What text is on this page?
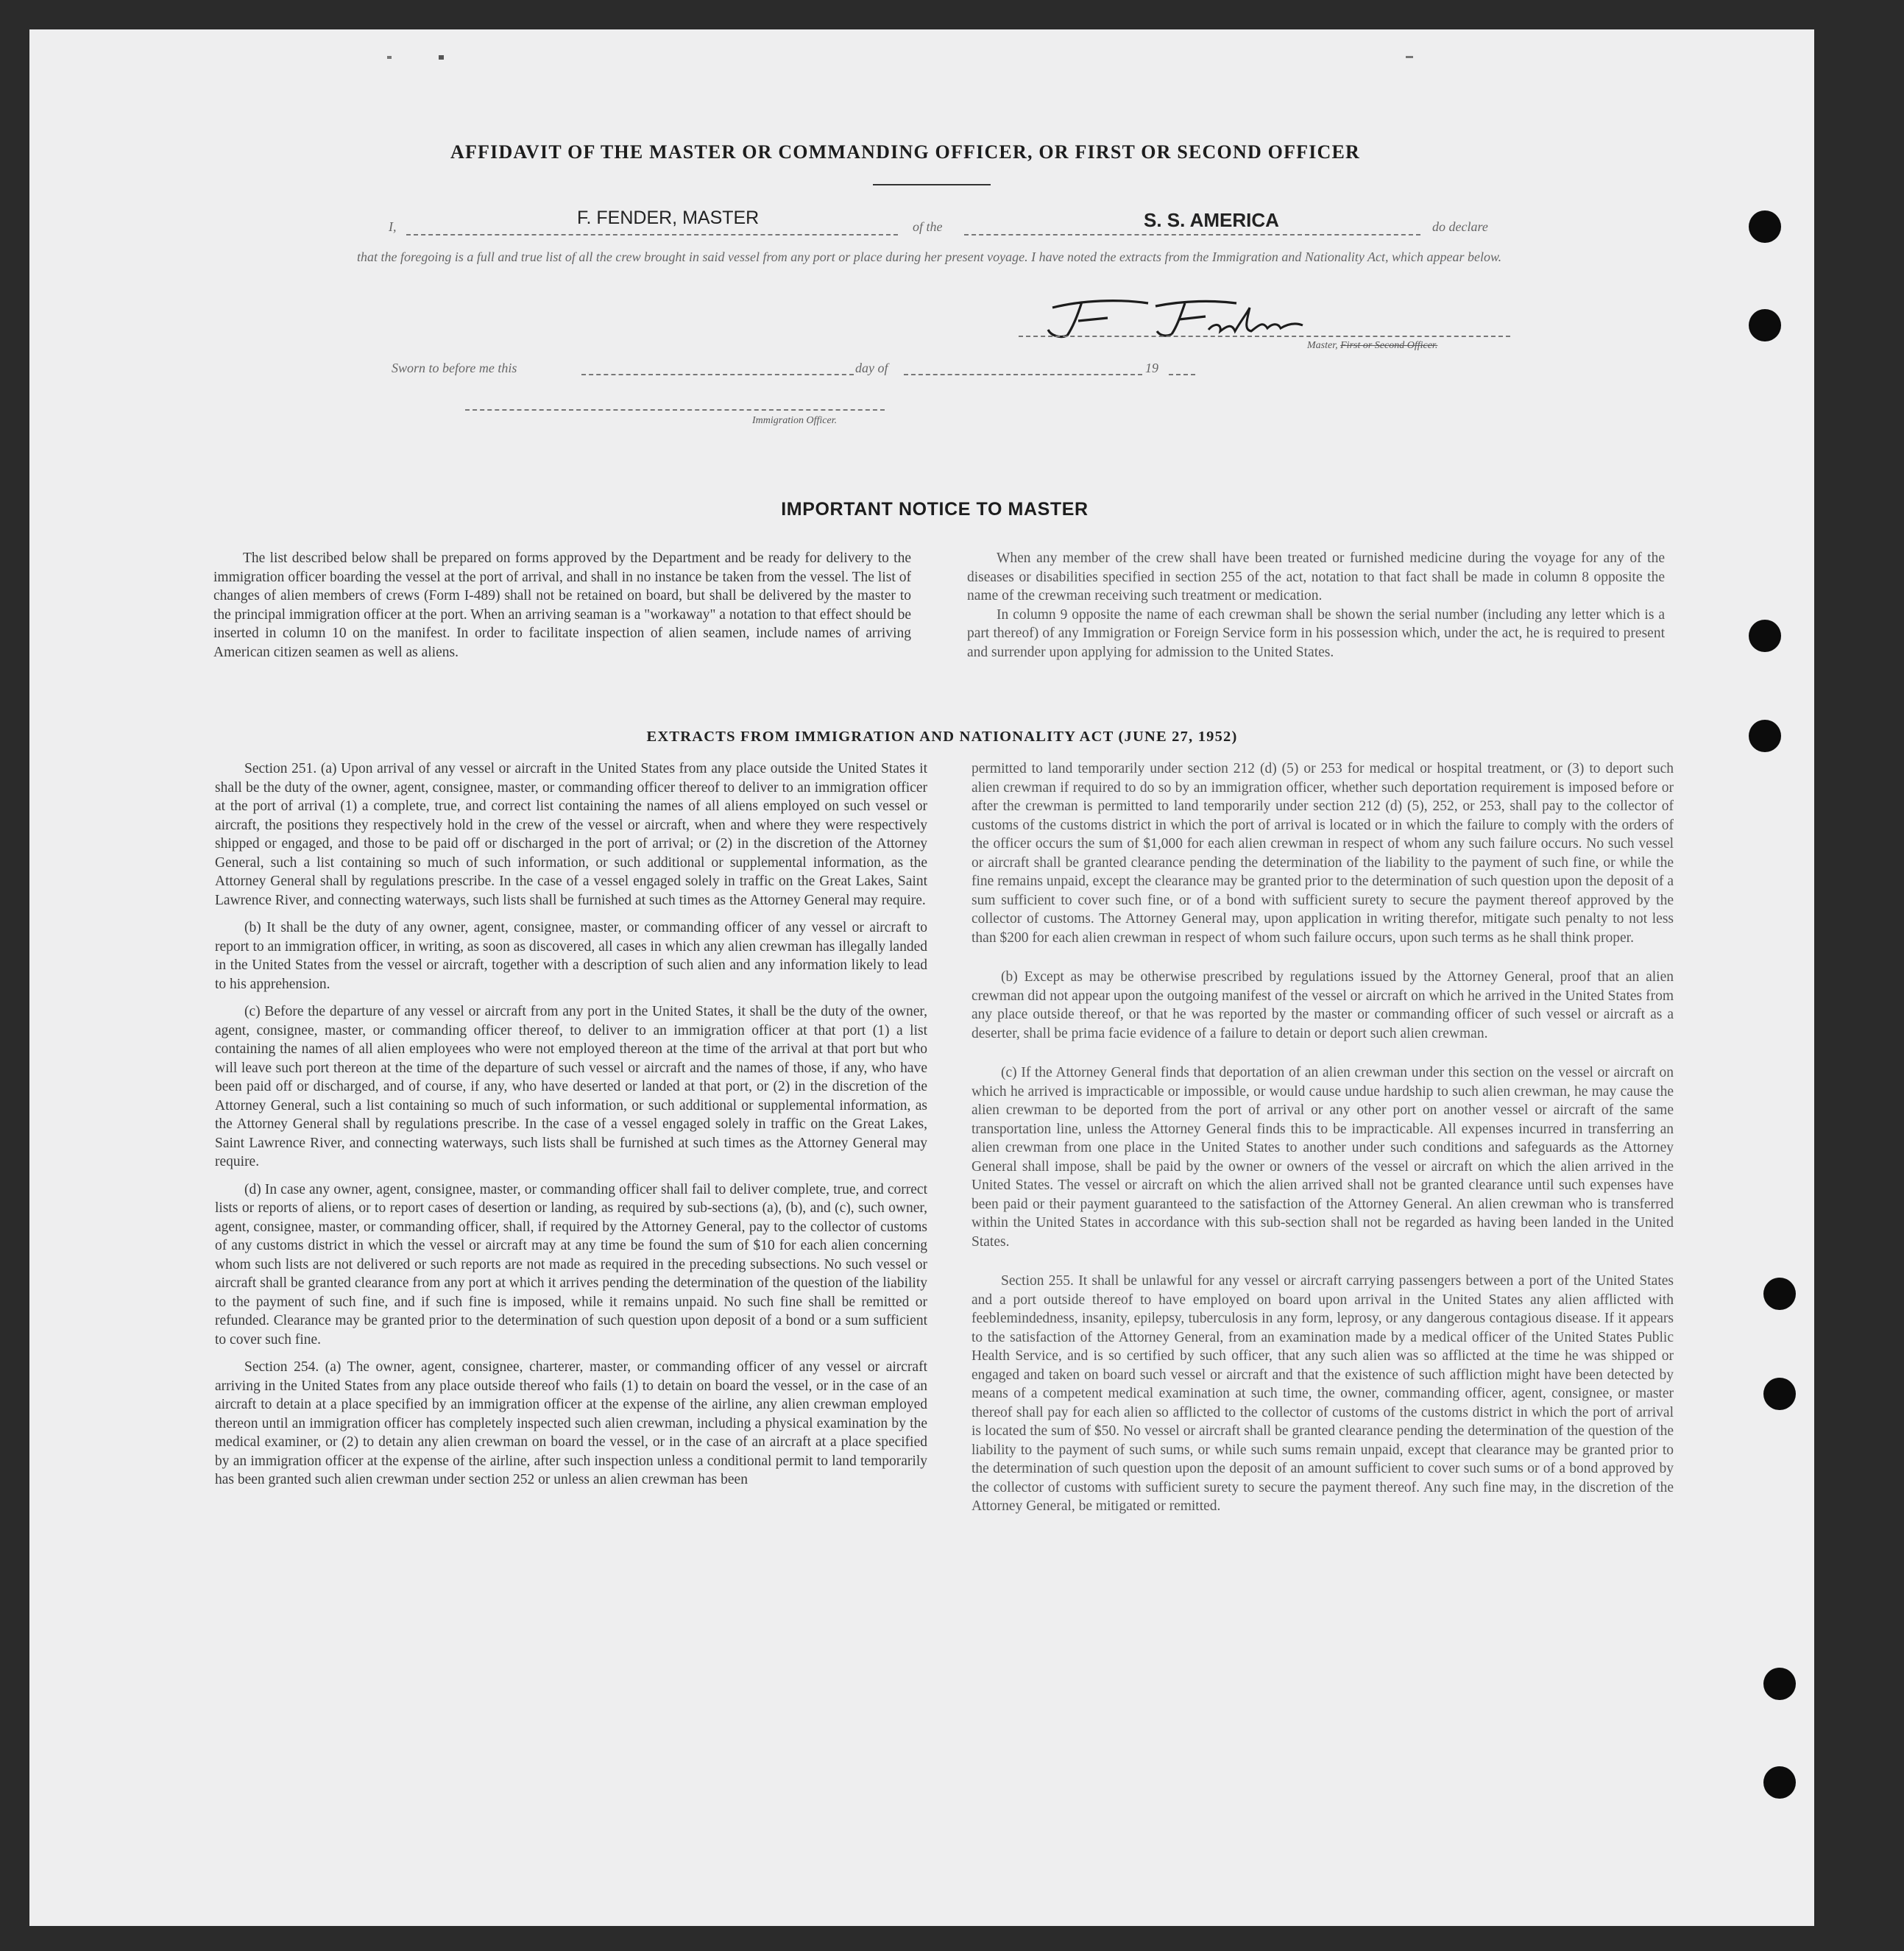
AFFIDAVIT OF THE MASTER OR COMMANDING OFFICER, OR FIRST OR SECOND OFFICER
I,	F. FENDER, MASTER	of the	S. S. AMERICA	do declare
that the foregoing is a full and true list of all the crew brought in said vessel from any port or place during her present voyage. I have noted the extracts from the Immigration and Nationality Act, which appear below.
Master, First or Second Officer.
Sworn to before me this	day of	19
Immigration Officer.
IMPORTANT NOTICE TO MASTER

The list described below shall be prepared on forms approved by the Department and be ready for delivery to the immigration officer boarding the vessel at the port of arrival, and shall in no instance be taken from the vessel. The list of changes of alien members of crews (Form I-489) shall not be retained on board, but shall be delivered by the master to the principal immigration officer at the port. When an arriving seaman is a "workaway" a notation to that effect should be inserted in column 10 on the manifest. In order to facilitate inspection of alien seamen, include names of arriving American citizen seamen as well as aliens.

When any member of the crew shall have been treated or furnished medicine during the voyage for any of the diseases or disabilities specified in section 255 of the act, notation to that fact shall be made in column 8 opposite the name of the crewman receiving such treatment or medication.

In column 9 opposite the name of each crewman shall be shown the serial number (including any letter which is a part thereof) of any Immigration or Foreign Service form in his possession which, under the act, he is required to present and surrender upon applying for admission to the United States.

EXTRACTS FROM IMMIGRATION AND NATIONALITY ACT (JUNE 27, 1952)

Section 251. (a) Upon arrival of any vessel or aircraft in the United States from any place outside the United States it shall be the duty of the owner, agent, consignee, master, or commanding officer thereof to deliver to an immigration officer at the port of arrival (1) a complete, true, and correct list containing the names of all aliens employed on such vessel or aircraft, the positions they respectively hold in the crew of the vessel or aircraft, when and where they were respectively shipped or engaged, and those to be paid off or discharged in the port of arrival; or (2) in the discretion of the Attorney General, such a list containing so much of such information, or such additional or supplemental information, as the Attorney General shall by regulations prescribe. In the case of a vessel engaged solely in traffic on the Great Lakes, Saint Lawrence River, and connecting waterways, such lists shall be furnished at such times as the Attorney General may require.

(b) It shall be the duty of any owner, agent, consignee, master, or commanding officer of any vessel or aircraft to report to an immigration officer, in writing, as soon as discovered, all cases in which any alien crewman has illegally landed in the United States from the vessel or aircraft, together with a description of such alien and any information likely to lead to his apprehension.

(c) Before the departure of any vessel or aircraft from any port in the United States, it shall be the duty of the owner, agent, consignee, master, or commanding officer thereof, to deliver to an immigration officer at that port (1) a list containing the names of all alien employees who were not employed thereon at the time of the arrival at that port but who will leave such port thereon at the time of the departure of such vessel or aircraft and the names of those, if any, who have been paid off or discharged, and of course, if any, who have deserted or landed at that port, or (2) in the discretion of the Attorney General, such a list containing so much of such information, or such additional or supplemental information, as the Attorney General shall by regulations prescribe. In the case of a vessel engaged solely in traffic on the Great Lakes, Saint Lawrence River, and connecting waterways, such lists shall be furnished at such times as the Attorney General may require.

(d) In case any owner, agent, consignee, master, or commanding officer shall fail to deliver complete, true, and correct lists or reports of aliens, or to report cases of desertion or landing, as required by sub-sections (a), (b), and (c), such owner, agent, consignee, master, or commanding officer, shall, if required by the Attorney General, pay to the collector of customs of any customs district in which the vessel or aircraft may at any time be found the sum of $10 for each alien concerning whom such lists are not delivered or such reports are not made as required in the preceding subsections. No such vessel or aircraft shall be granted clearance from any port at which it arrives pending the determination of the question of the liability to the payment of such fine, and if such fine is imposed, while it remains unpaid. No such fine shall be remitted or refunded. Clearance may be granted prior to the determination of such question upon deposit of a bond or a sum sufficient to cover such fine.

Section 254. (a) The owner, agent, consignee, charterer, master, or commanding officer of any vessel or aircraft arriving in the United States from any place outside thereof who fails (1) to detain on board the vessel, or in the case of an aircraft to detain at a place specified by an immigration officer at the expense of the airline, any alien crewman employed thereon until an immigration officer has completely inspected such alien crewman, including a physical examination by the medical examiner, or (2) to detain any alien crewman on board the vessel, or in the case of an aircraft at a place specified by an immigration officer at the expense of the airline, after such inspection unless a conditional permit to land temporarily has been granted such alien crewman under section 252 or unless an alien crewman has been

permitted to land temporarily under section 212 (d) (5) or 253 for medical or hospital treatment, or (3) to deport such alien crewman if required to do so by an immigration officer, whether such deportation requirement is imposed before or after the crewman is permitted to land temporarily under section 212 (d) (5), 252, or 253, shall pay to the collector of customs of the customs district in which the port of arrival is located or in which the failure to comply with the orders of the officer occurs the sum of $1,000 for each alien crewman in respect of whom any such failure occurs. No such vessel or aircraft shall be granted clearance pending the determination of the liability to the payment of such fine, or while the fine remains unpaid, except the clearance may be granted prior to the determination of such question upon the deposit of a sum sufficient to cover such fine, or of a bond with sufficient surety to secure the payment thereof approved by the collector of customs. The Attorney General may, upon application in writing therefor, mitigate such penalty to not less than $200 for each alien crewman in respect of whom such failure occurs, upon such terms as he shall think proper.

(b) Except as may be otherwise prescribed by regulations issued by the Attorney General, proof that an alien crewman did not appear upon the outgoing manifest of the vessel or aircraft on which he arrived in the United States from any place outside thereof, or that he was reported by the master or commanding officer of such vessel or aircraft as a deserter, shall be prima facie evidence of a failure to detain or deport such alien crewman.

(c) If the Attorney General finds that deportation of an alien crewman under this section on the vessel or aircraft on which he arrived is impracticable or impossible, or would cause undue hardship to such alien crewman, he may cause the alien crewman to be deported from the port of arrival or any other port on another vessel or aircraft of the same transportation line, unless the Attorney General finds this to be impracticable. All expenses incurred in transferring an alien crewman from one place in the United States to another under such conditions and safeguards as the Attorney General shall impose, shall be paid by the owner or owners of the vessel or aircraft on which the alien arrived in the United States. The vessel or aircraft on which the alien arrived shall not be granted clearance until such expenses have been paid or their payment guaranteed to the satisfaction of the Attorney General. An alien crewman who is transferred within the United States in accordance with this sub-section shall not be regarded as having been landed in the United States.

Section 255. It shall be unlawful for any vessel or aircraft carrying passengers between a port of the United States and a port outside thereof to have employed on board upon arrival in the United States any alien afflicted with feeblemindedness, insanity, epilepsy, tuberculosis in any form, leprosy, or any dangerous contagious disease. If it appears to the satisfaction of the Attorney General, from an examination made by a medical officer of the United States Public Health Service, and is so certified by such officer, that any such alien was so afflicted at the time he was shipped or engaged and taken on board such vessel or aircraft and that the existence of such affliction might have been detected by means of a competent medical examination at such time, the owner, commanding officer, agent, consignee, or master thereof shall pay for each alien so afflicted to the collector of customs of the customs district in which the port of arrival is located the sum of $50. No vessel or aircraft shall be granted clearance pending the determination of the question of the liability to the payment of such sums, or while such sums remain unpaid, except that clearance may be granted prior to the determination of such question upon the deposit of an amount sufficient to cover such sums or of a bond approved by the collector of customs with sufficient surety to secure the payment thereof. Any such fine may, in the discretion of the Attorney General, be mitigated or remitted.
